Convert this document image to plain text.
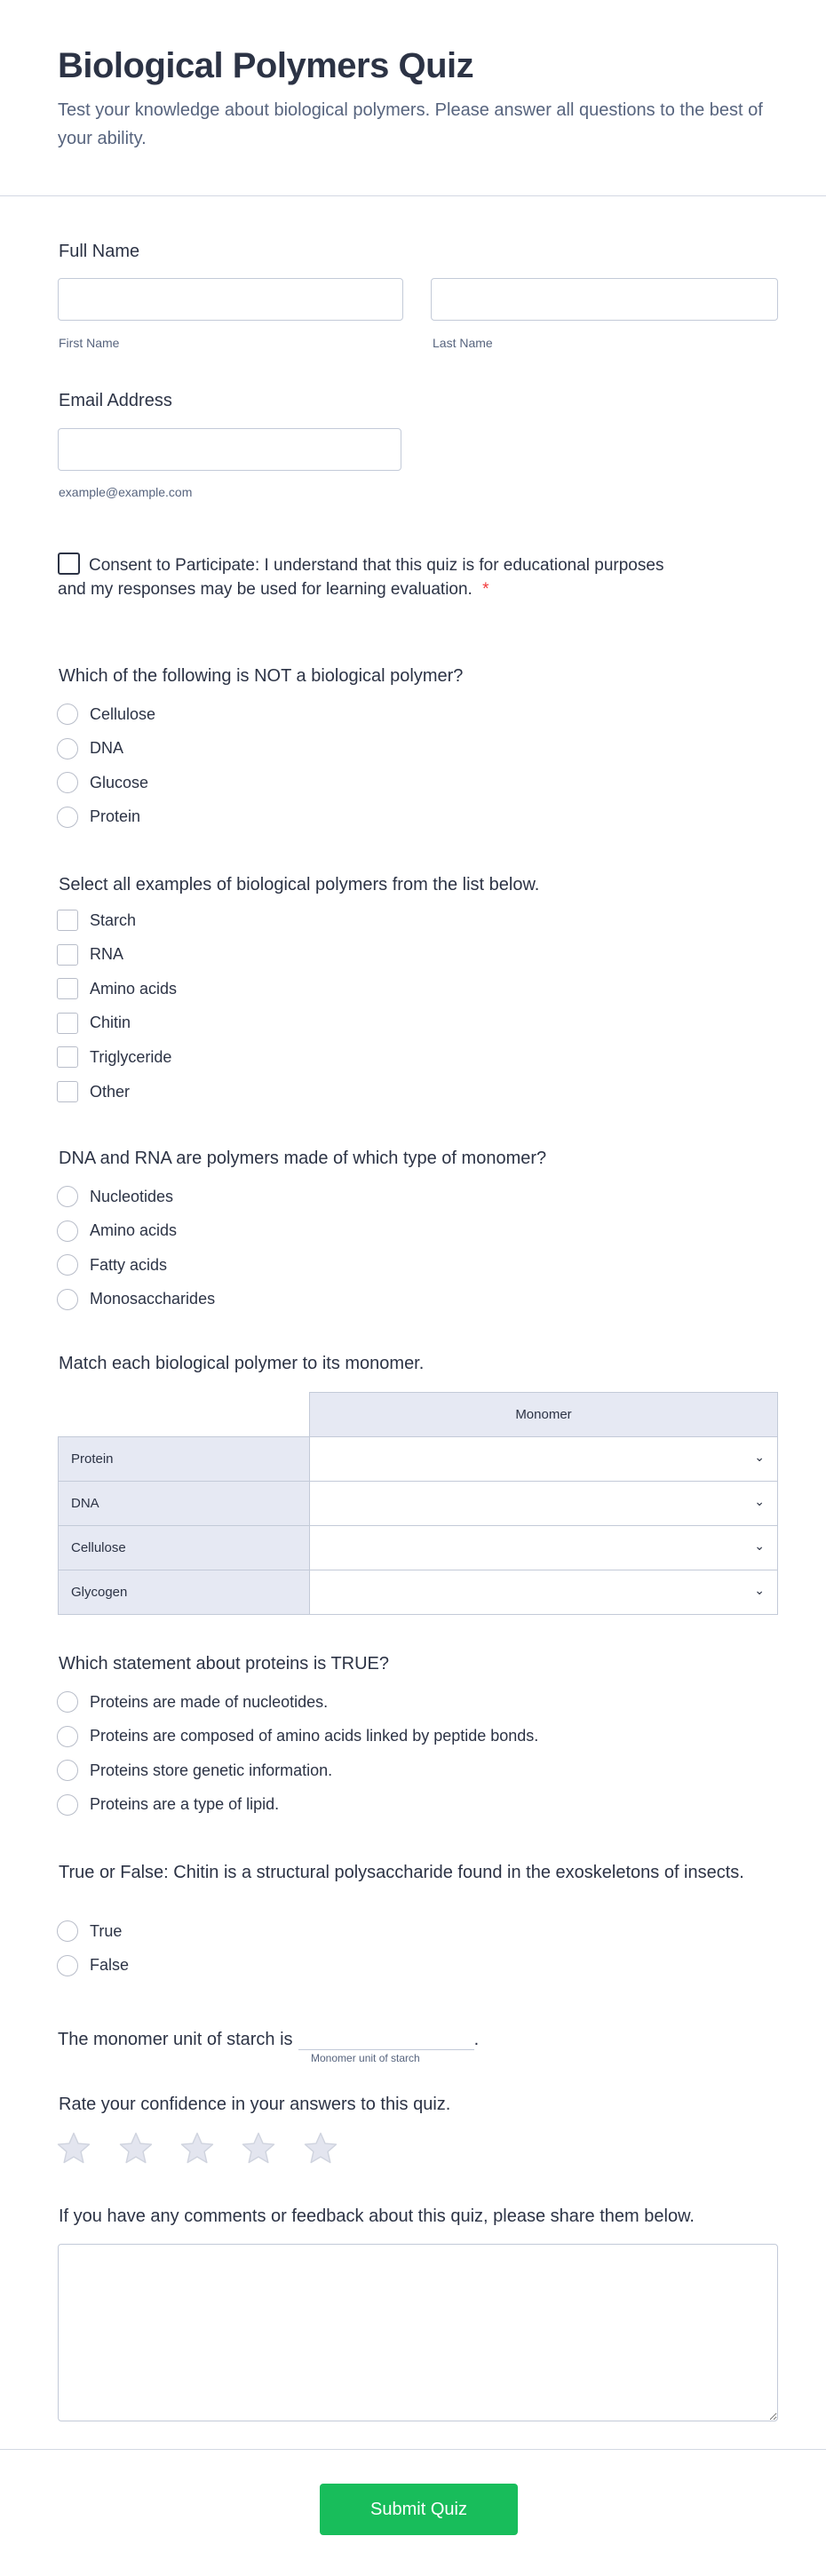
Biological Polymers Quiz
Test your knowledge about biological polymers. Please answer all questions to the best of your ability.
Full Name
First Name	Last Name
Email Address
example@example.com
Consent to Participate: I understand that this quiz is for educational purposes and my responses may be used for learning evaluation. *
Match each biological polymer to its monomer.
Which of the following is NOT a biological polymer?
Cellulose
DNA
Glucose
Protein
Select all examples of biological polymers from the list below.
Starch
RNA
Amino acids
Chitin
Triglyceride
Other
DNA and RNA are polymers made of which type of monomer?
Nucleotides
Amino acids
Fatty acids
Monosaccharides
Which statement about proteins is TRUE?
Proteins are made of nucleotides.
Proteins are composed of amino acids linked by peptide bonds.
Proteins store genetic information.
Proteins are a type of lipid.
True or False: Chitin is a structural polysaccharide found in the exoskeletons of insects.
True
False
	Monomer
Protein	⌄

DNA	⌄

Cellulose	⌄

Glycogen	⌄
The monomer unit of starch is	.
Monomer unit of starch
Rate your confidence in your answers to this quiz.
If you have any comments or feedback about this quiz, please share them below.
Submit Quiz
